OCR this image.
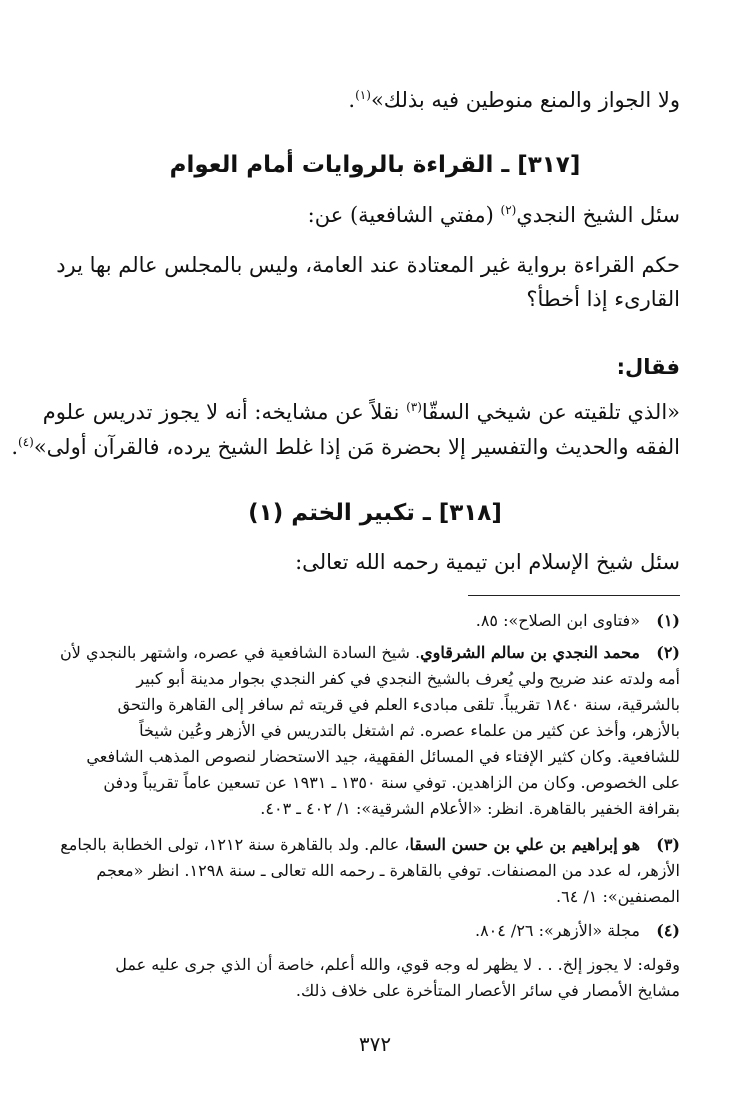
ولا الجواز والمنع منوطين فيه بذلك»$^{(١)}$.
[٣١٧] ـ القراءة بالروايات أمام العوام
سئل الشيخ النجدي$^{(٢)}$ (مفتي الشافعية) عن:
حكم القراءة برواية غير المعتادة عند العامة، وليس بالمجلس عالم بها يرد
القارىء إذا أخطأ؟
فقال:
«الذي تلقيته عن شيخي السقّا$^{(٣)}$ نقلاً عن مشايخه: أنه لا يجوز تدريس علوم
الفقه والحديث والتفسير إلا بحضرة مَن إذا غلط الشيخ يرده، فالقرآن أولى»$^{(٤)}$.
[٣١٨] ـ تكبير الختم (١)
سئل شيخ الإسلام ابن تيمية رحمه الله تعالى:
(١)
«فتاوى ابن الصلاح»: ٨٥.
(٢)
محمد النجدي بن سالم الشرقاوي. شيخ السادة الشافعية في عصره، واشتهر بالنجدي لأن
أمه ولدته عند ضريح ولي يُعرف بالشيخ النجدي في كفر النجدي بجوار مدينة أبو كبير
بالشرقية، سنة ١٨٤٠ تقريباً. تلقى مبادىء العلم في قريته ثم سافر إلى القاهرة والتحق
بالأزهر، وأخذ عن كثير من علماء عصره. ثم اشتغل بالتدريس في الأزهر وعُين شيخاً
للشافعية. وكان كثير الإفتاء في المسائل الفقهية، جيد الاستحضار لنصوص المذهب الشافعي
على الخصوص. وكان من الزاهدين. توفي سنة ١٣٥٠ ـ ١٩٣١ عن تسعين عاماً تقريباً ودفن
بقرافة الخفير بالقاهرة. انظر: «الأعلام الشرقية»: ١/ ٤٠٢ ـ ٤٠٣.
(٣)
هو إبراهيم بن علي بن حسن السقا، عالم. ولد بالقاهرة سنة ١٢١٢، تولى الخطابة بالجامع
الأزهر، له عدد من المصنفات. توفي بالقاهرة ـ رحمه الله تعالى ـ سنة ١٢٩٨. انظر «معجم
المصنفين»: ١/ ٦٤.
(٤)
مجلة «الأزهر»: ٢٦/ ٨٠٤.
وقوله: لا يجوز إلخ. . . لا يظهر له وجه قوي، والله أعلم، خاصة أن الذي جرى عليه عمل
مشايخ الأمصار في سائر الأعصار المتأخرة على خلاف ذلك.
٣٧٢
